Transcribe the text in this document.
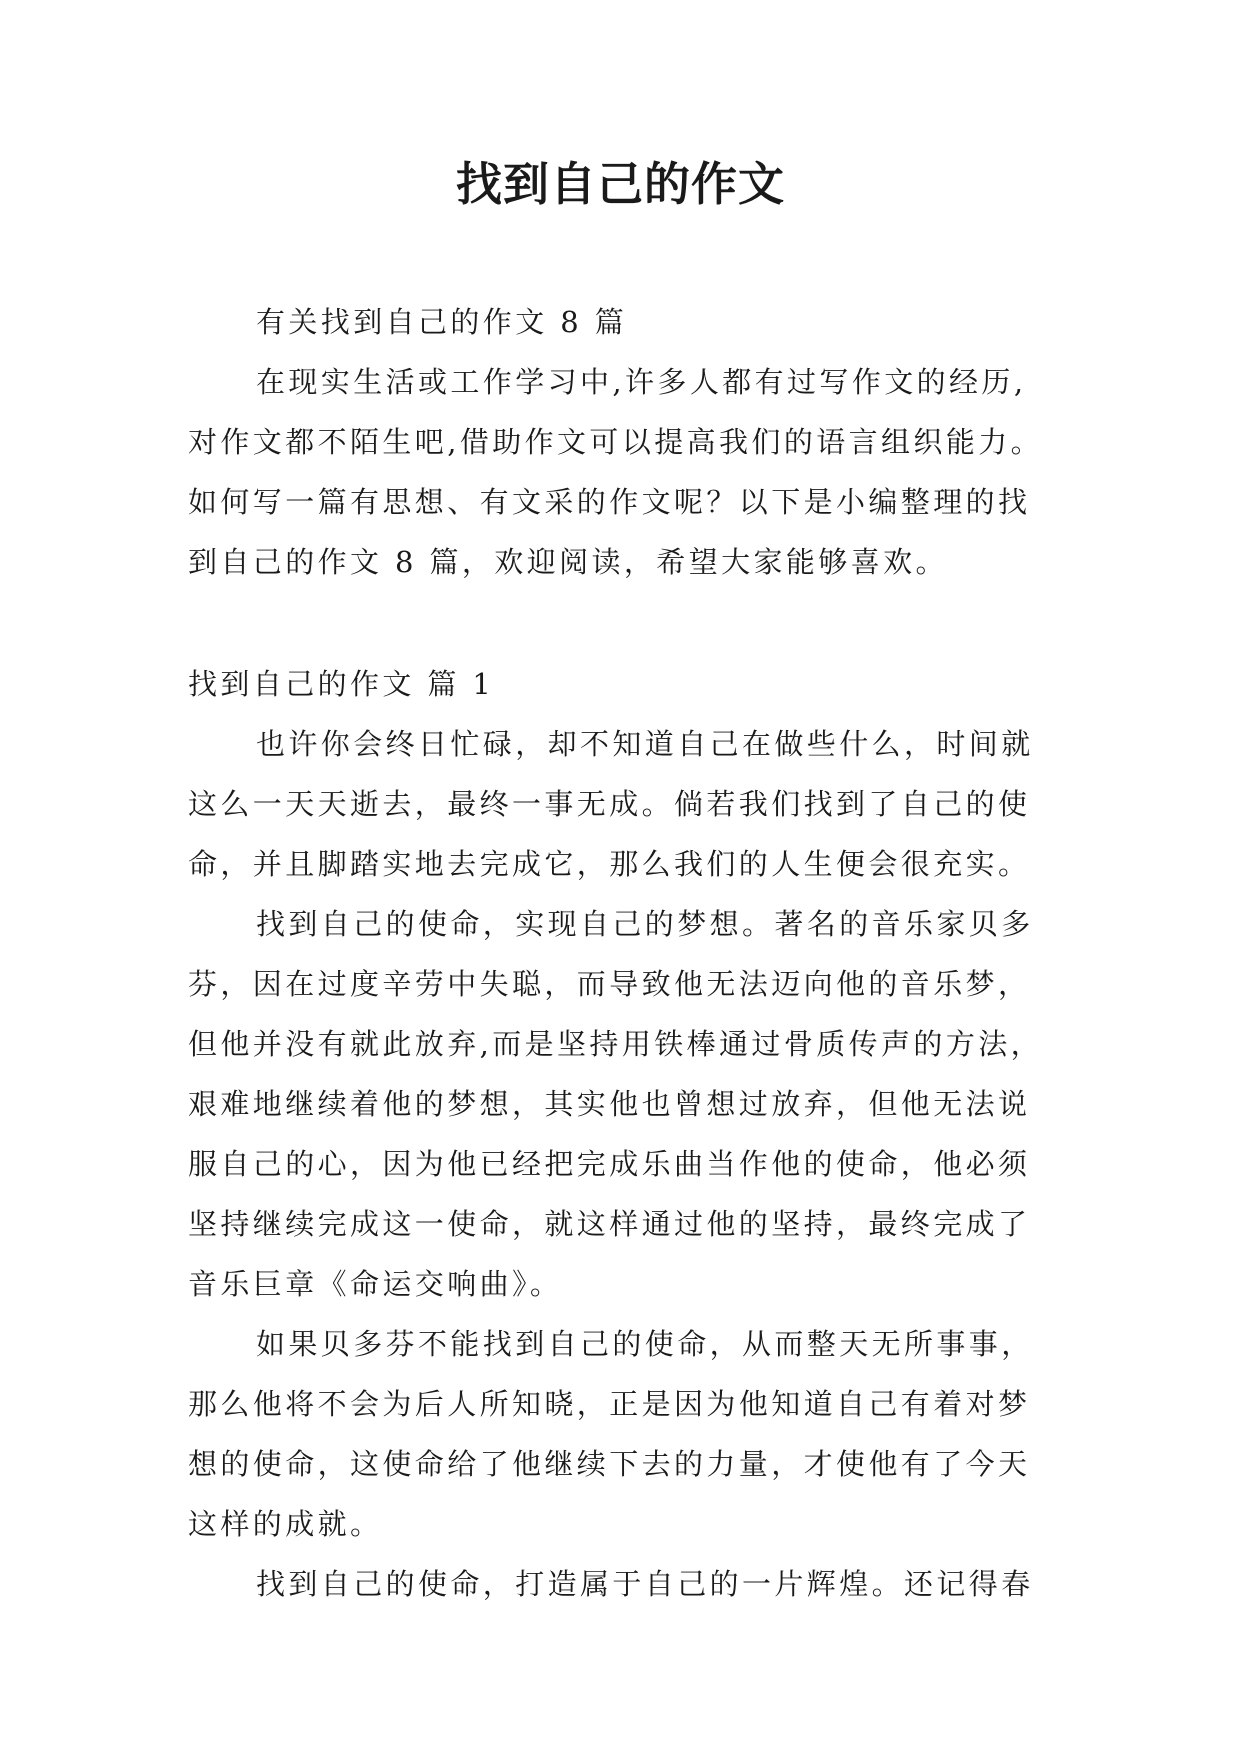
找到自己的作文
有关找到自己的作文 8 篇
在现实生活或工作学习中,许多人都有过写作文的经历,
对作文都不陌生吧,借助作文可以提高我们的语言组织能力。
如何写一篇有思想、有文采的作文呢？以下是小编整理的找
到自己的作文 8 篇，欢迎阅读，希望大家能够喜欢。
找到自己的作文 篇 1
也许你会终日忙碌，却不知道自己在做些什么，时间就
这么一天天逝去，最终一事无成。倘若我们找到了自己的使
命，并且脚踏实地去完成它，那么我们的人生便会很充实。
找到自己的使命，实现自己的梦想。著名的音乐家贝多
芬，因在过度辛劳中失聪，而导致他无法迈向他的音乐梦，
但他并没有就此放弃,而是坚持用铁棒通过骨质传声的方法，
艰难地继续着他的梦想，其实他也曾想过放弃，但他无法说
服自己的心，因为他已经把完成乐曲当作他的使命，他必须
坚持继续完成这一使命，就这样通过他的坚持，最终完成了
音乐巨章《命运交响曲》。
如果贝多芬不能找到自己的使命，从而整天无所事事，
那么他将不会为后人所知晓，正是因为他知道自己有着对梦
想的使命，这使命给了他继续下去的力量，才使他有了今天
这样的成就。
找到自己的使命，打造属于自己的一片辉煌。还记得春
